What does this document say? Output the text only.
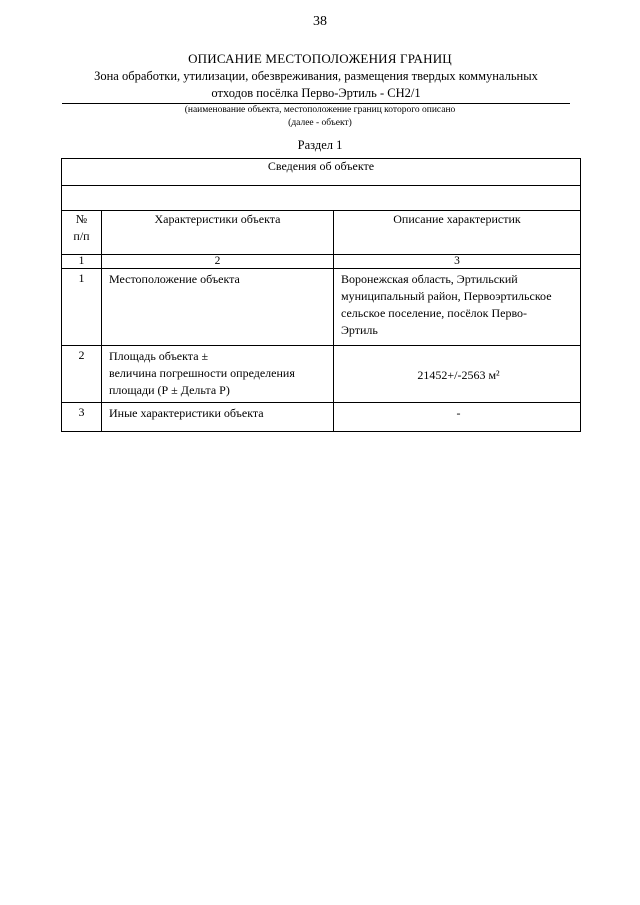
38
ОПИСАНИЕ МЕСТОПОЛОЖЕНИЯ ГРАНИЦ
Зона обработки, утилизации, обезвреживания, размещения твердых коммунальных
отходов посёлка Перво-Эртиль - СН2/1
(наименование объекта, местоположение границ которого описано
(далее - объект)
Раздел 1
Сведения об объекте		

№
п/п	Характеристики объекта	Описание характеристик
1	2	3
1	Местоположение объекта	Воронежская область, Эртильский
муниципальный район, Первоэртильское
сельское поселение, посёлок Перво-
Эртиль

2	Площадь объекта ±
величина погрешности определения
площади (Р ± Дельта Р)	21452+/-2563 м²

3	Иные характеристики объекта	-
